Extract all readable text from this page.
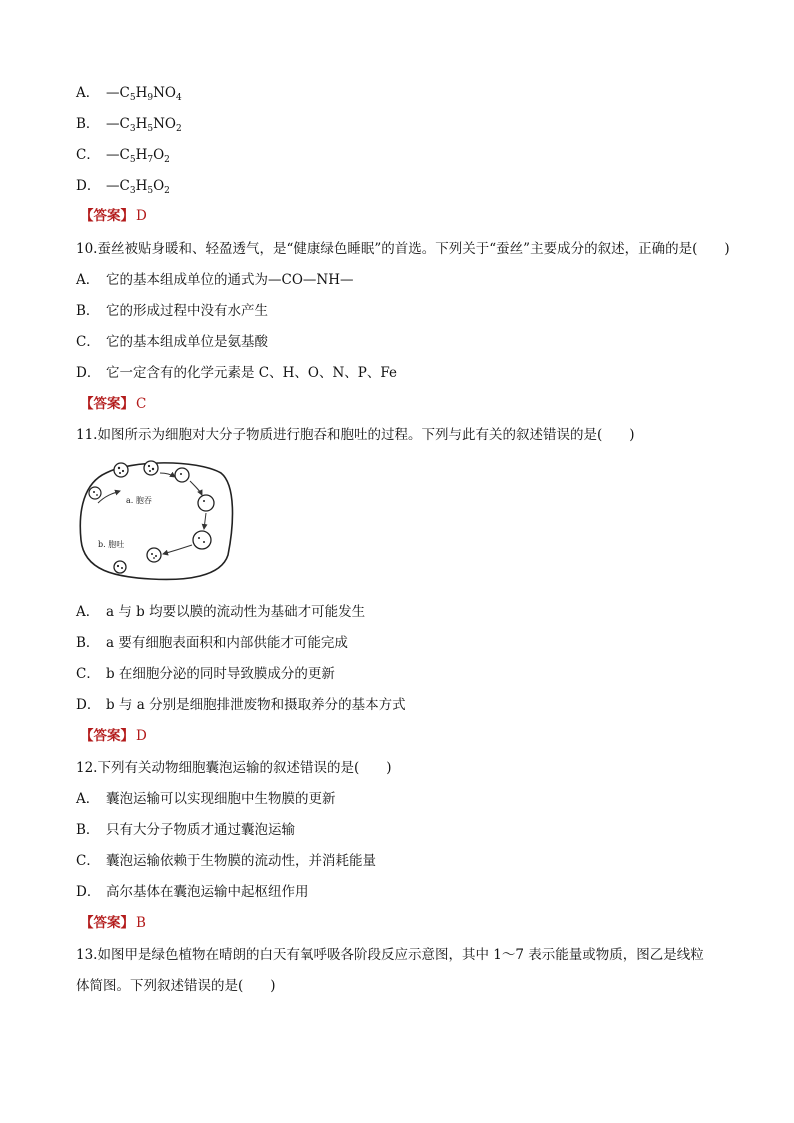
A． $—C_5H_9NO_4$
B． $—C_3H_5NO_2$
C． $—C_5H_7O_2$
D． $—C_3H_5O_2$
【答案】 D
10.蚕丝被贴身暖和、轻盈透气，是“健康绿色睡眠”的首选。下列关于“蚕丝”主要成分的叙述，正确的是(　　)
A． 它的基本组成单位的通式为—CO—NH—
B． 它的形成过程中没有水产生
C． 它的基本组成单位是氨基酸
D． 它一定含有的化学元素是 C、H、O、N、P、Fe
【答案】 C
11.如图所示为细胞对大分子物质进行胞吞和胞吐的过程。下列与此有关的叙述错误的是(　　)
a. 胞吞
b. 胞吐
A． a 与 b 均要以膜的流动性为基础才可能发生
B． a 要有细胞表面积和内部供能才可能完成
C． b 在细胞分泌的同时导致膜成分的更新
D． b 与 a 分别是细胞排泄废物和摄取养分的基本方式
【答案】 D
12.下列有关动物细胞囊泡运输的叙述错误的是(　　)
A． 囊泡运输可以实现细胞中生物膜的更新
B． 只有大分子物质才通过囊泡运输
C． 囊泡运输依赖于生物膜的流动性，并消耗能量
D． 高尔基体在囊泡运输中起枢纽作用
【答案】 B
13.如图甲是绿色植物在晴朗的白天有氧呼吸各阶段反应示意图，其中 1～7 表示能量或物质，图乙是线粒
体简图。下列叙述错误的是(　　)
